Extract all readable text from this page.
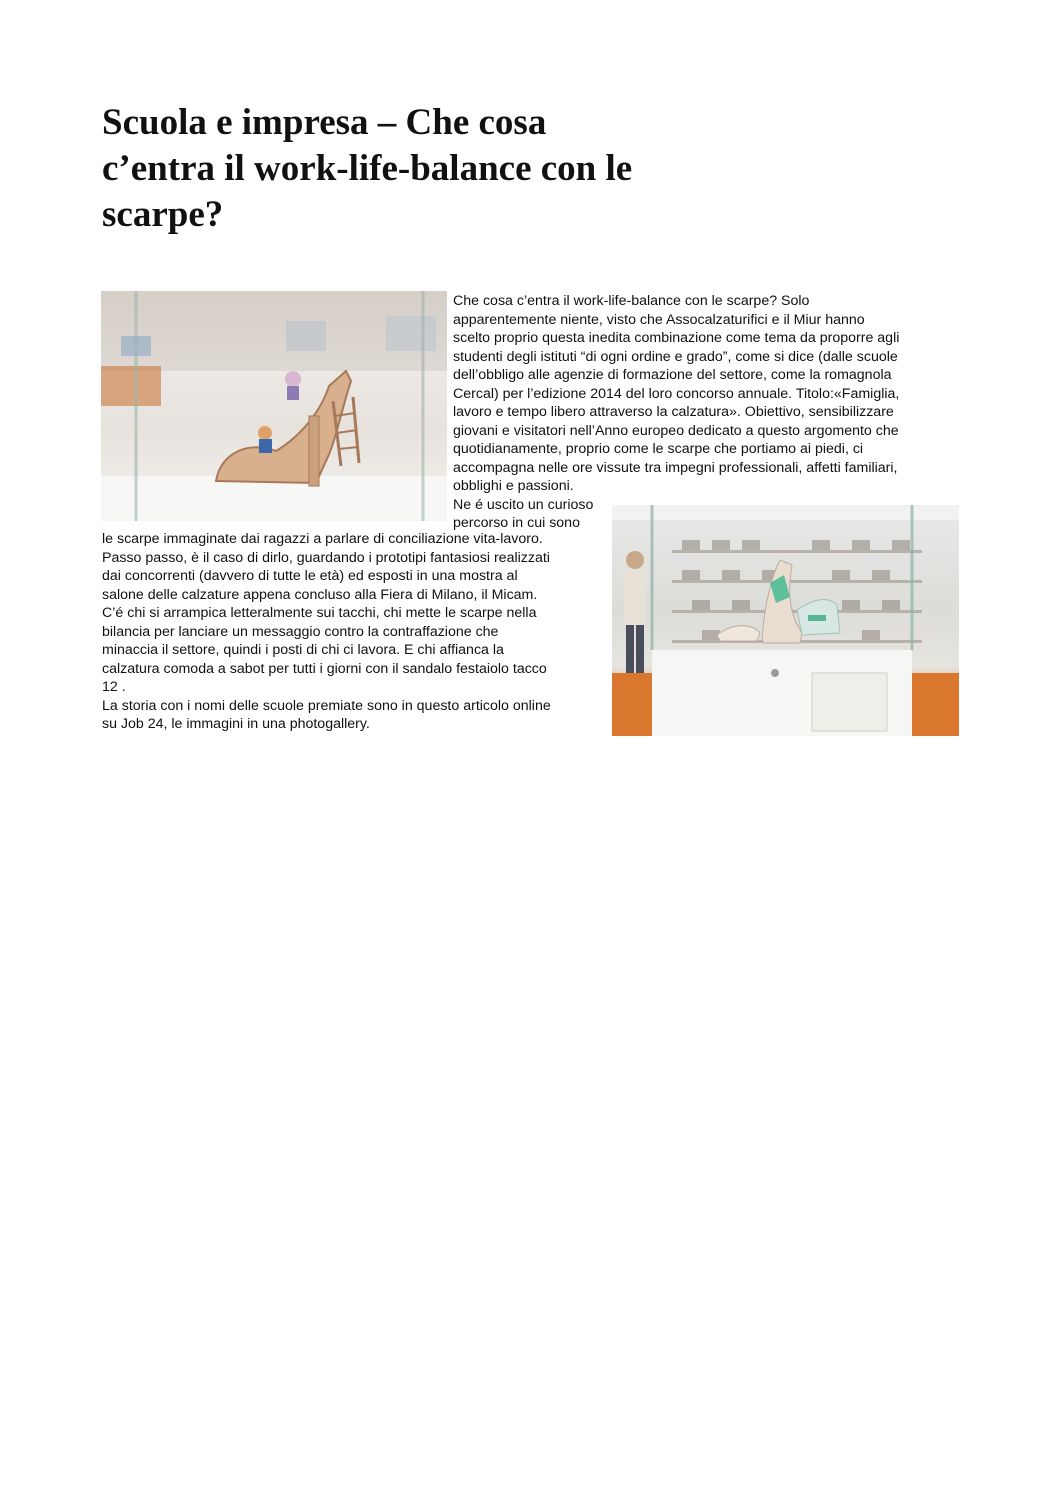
Scuola e impresa – Che cosa
c’entra il work-life-balance con le
scarpe?
Che cosa c’entra il work-life-balance con le scarpe? Solo
apparentemente niente, visto che Assocalzaturifici e il Miur hanno
scelto proprio questa inedita combinazione come tema da proporre agli
studenti degli istituti “di ogni ordine e grado”, come si dice (dalle scuole
dell’obbligo alle agenzie di formazione del settore, come la romagnola
Cercal) per l’edizione 2014 del loro concorso annuale. Titolo:«Famiglia,
lavoro e tempo libero attraverso la calzatura». Obiettivo, sensibilizzare
giovani e visitatori nell’Anno europeo dedicato a questo argomento che
quotidianamente, proprio come le scarpe che portiamo ai piedi, ci
accompagna nelle ore vissute tra impegni professionali, affetti familiari,
obblighi e passioni.
Ne é uscito un curioso
percorso in cui sono
le scarpe immaginate dai ragazzi a parlare di conciliazione vita-lavoro.
Passo passo, è il caso di dirlo, guardando i prototipi fantasiosi realizzati
dai concorrenti (davvero di tutte le età) ed esposti in una mostra al
salone delle calzature appena concluso alla Fiera di Milano, il Micam.
C’é chi si arrampica letteralmente sui tacchi, chi mette le scarpe nella
bilancia per lanciare un messaggio contro la contraffazione che
minaccia il settore, quindi i posti di chi ci lavora. E chi affianca la
calzatura comoda a sabot per tutti i giorni con il sandalo festaiolo tacco
12 .
La storia con i nomi delle scuole premiate sono in questo articolo online
su Job 24, le immagini in una photogallery.
